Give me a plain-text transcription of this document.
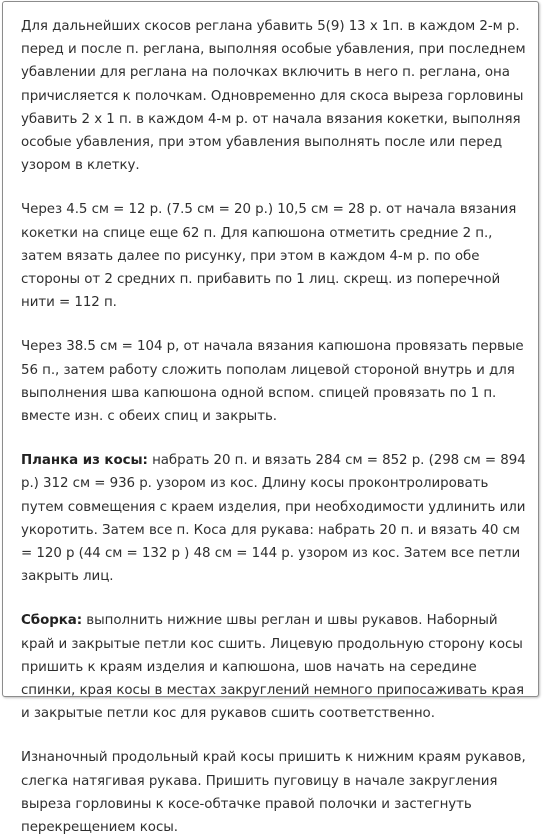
Для дальнейших скосов реглана убавить 5(9) 13 х 1п. в каждом 2-м р. перед и после п. реглана, выполняя особые убавления, при последнем убавлении для реглана на полочках включить в него п. реглана, она причисляется к полочкам. Одновременно для скоса выреза горловины убавить 2 х 1 п. в каждом 4-м р. от начала вязания кокетки, выполняя особые убавления, при этом убавления выполнять после или перед узором в клетку.

Через 4.5 см = 12 р. (7.5 см = 20 р.) 10,5 см = 28 р. от начала вязания кокетки на спице еще 62 п. Для капюшона отметить средние 2 п., затем вязать далее по рисунку, при этом в каждом 4-м р. по обе стороны от 2 средних п. прибавить по 1 лиц. скрещ. из поперечной нити = 112 п.

Через 38.5 см = 104 р, от начала вязания капюшона провязать первые 56 п., затем работу сложить пополам лицевой стороной внутрь и для выполнения шва капюшона одной вспом. спицей провязать по 1 п. вместе изн. с обеих спиц и закрыть.

Планка из косы: набрать 20 п. и вязать 284 см = 852 р. (298 см = 894 р.) 312 см = 936 р. узором из кос. Длину косы проконтролировать путем совмещения с краем изделия, при необходимости удлинить или укоротить. Затем все п. Коса для рукава: набрать 20 п. и вязать 40 см = 120 р (44 см = 132 р ) 48 см = 144 р. узором из кос. Затем все петли закрыть лиц.

Сборка: выполнить нижние швы реглан и швы рукавов. Наборный край и закрытые петли кос сшить. Лицевую продольную сторону косы пришить к краям изделия и капюшона, шов начать на середине спинки, края косы в местах закруглений немного припосаживать края и закрытые петли кос для рукавов сшить соответственно.

Изнаночный продольный край косы пришить к нижним краям рукавов, слегка натягивая рукава. Пришить пуговицу в начале закругления выреза горловины к косе-обтачке правой полочки и застегнуть перекрещением косы.
